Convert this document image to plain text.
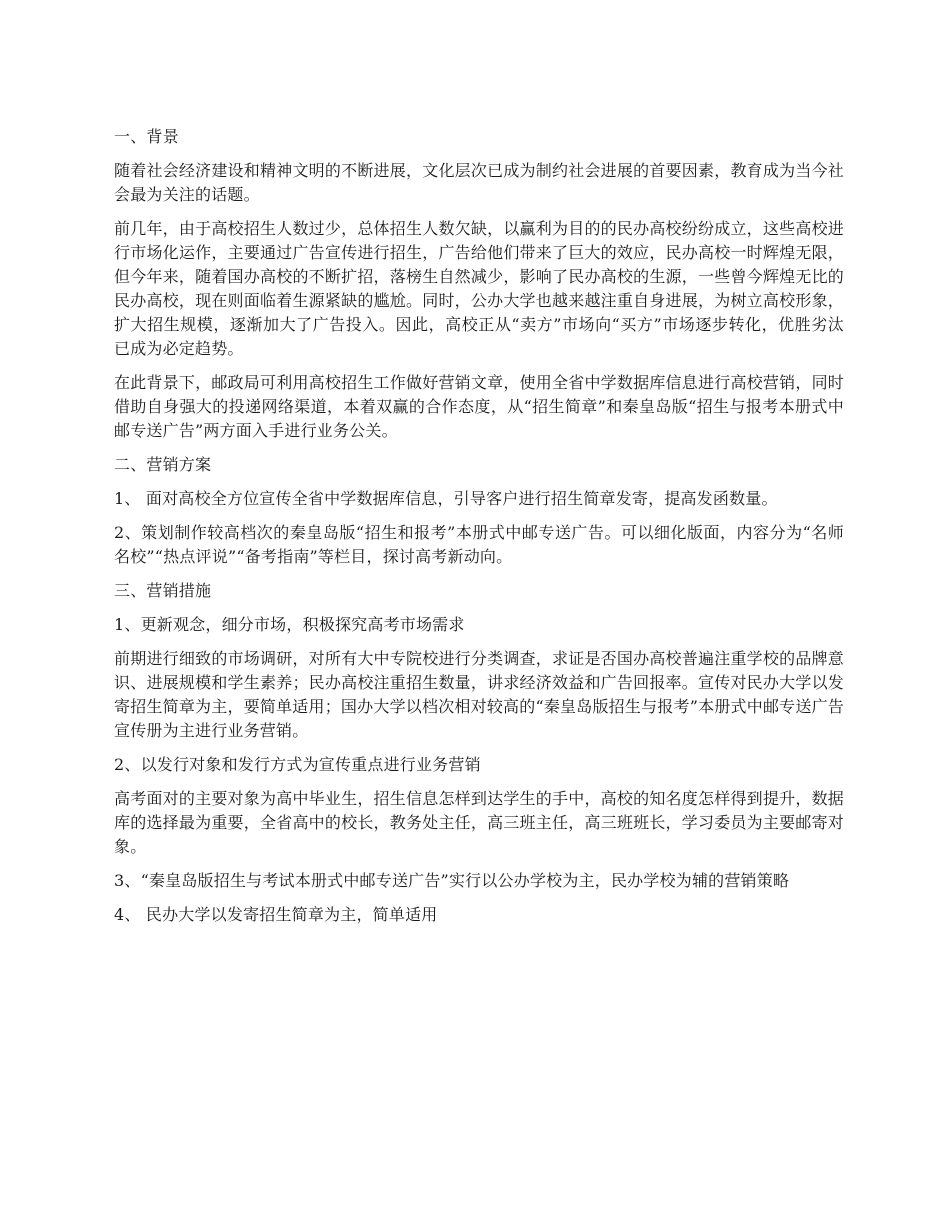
一、背景

随着社会经济建设和精神文明的不断进展，文化层次已成为制约社会进展的首要因素，教育成为当今社会最为关注的话题。

前几年，由于高校招生人数过少，总体招生人数欠缺，以赢利为目的的民办高校纷纷成立，这些高校进行市场化运作，主要通过广告宣传进行招生，广告给他们带来了巨大的效应，民办高校一时辉煌无限，但今年来，随着国办高校的不断扩招，落榜生自然减少，影响了民办高校的生源，一些曾今辉煌无比的民办高校，现在则面临着生源紧缺的尴尬。同时，公办大学也越来越注重自身进展，为树立高校形象，扩大招生规模，逐渐加大了广告投入。因此，高校正从“卖方”市场向“买方”市场逐步转化，优胜劣汰已成为必定趋势。

在此背景下，邮政局可利用高校招生工作做好营销文章，使用全省中学数据库信息进行高校营销，同时借助自身强大的投递网络渠道，本着双赢的合作态度，从“招生简章”和秦皇岛版“招生与报考本册式中邮专送广告”两方面入手进行业务公关。

二、营销方案

1、 面对高校全方位宣传全省中学数据库信息，引导客户进行招生简章发寄，提高发函数量。

2、策划制作较高档次的秦皇岛版“招生和报考”本册式中邮专送广告。可以细化版面，内容分为“名师名校”“热点评说”“备考指南”等栏目，探讨高考新动向。

三、营销措施

1、更新观念，细分市场，积极探究高考市场需求

前期进行细致的市场调研，对所有大中专院校进行分类调查，求证是否国办高校普遍注重学校的品牌意识、进展规模和学生素养；民办高校注重招生数量，讲求经济效益和广告回报率。宣传对民办大学以发寄招生简章为主，要简单适用；国办大学以档次相对较高的“秦皇岛版招生与报考”本册式中邮专送广告宣传册为主进行业务营销。

2、以发行对象和发行方式为宣传重点进行业务营销

高考面对的主要对象为高中毕业生，招生信息怎样到达学生的手中，高校的知名度怎样得到提升，数据库的选择最为重要，全省高中的校长，教务处主任，高三班主任，高三班班长，学习委员为主要邮寄对象。

3、“秦皇岛版招生与考试本册式中邮专送广告”实行以公办学校为主，民办学校为辅的营销策略

4、 民办大学以发寄招生简章为主，简单适用
